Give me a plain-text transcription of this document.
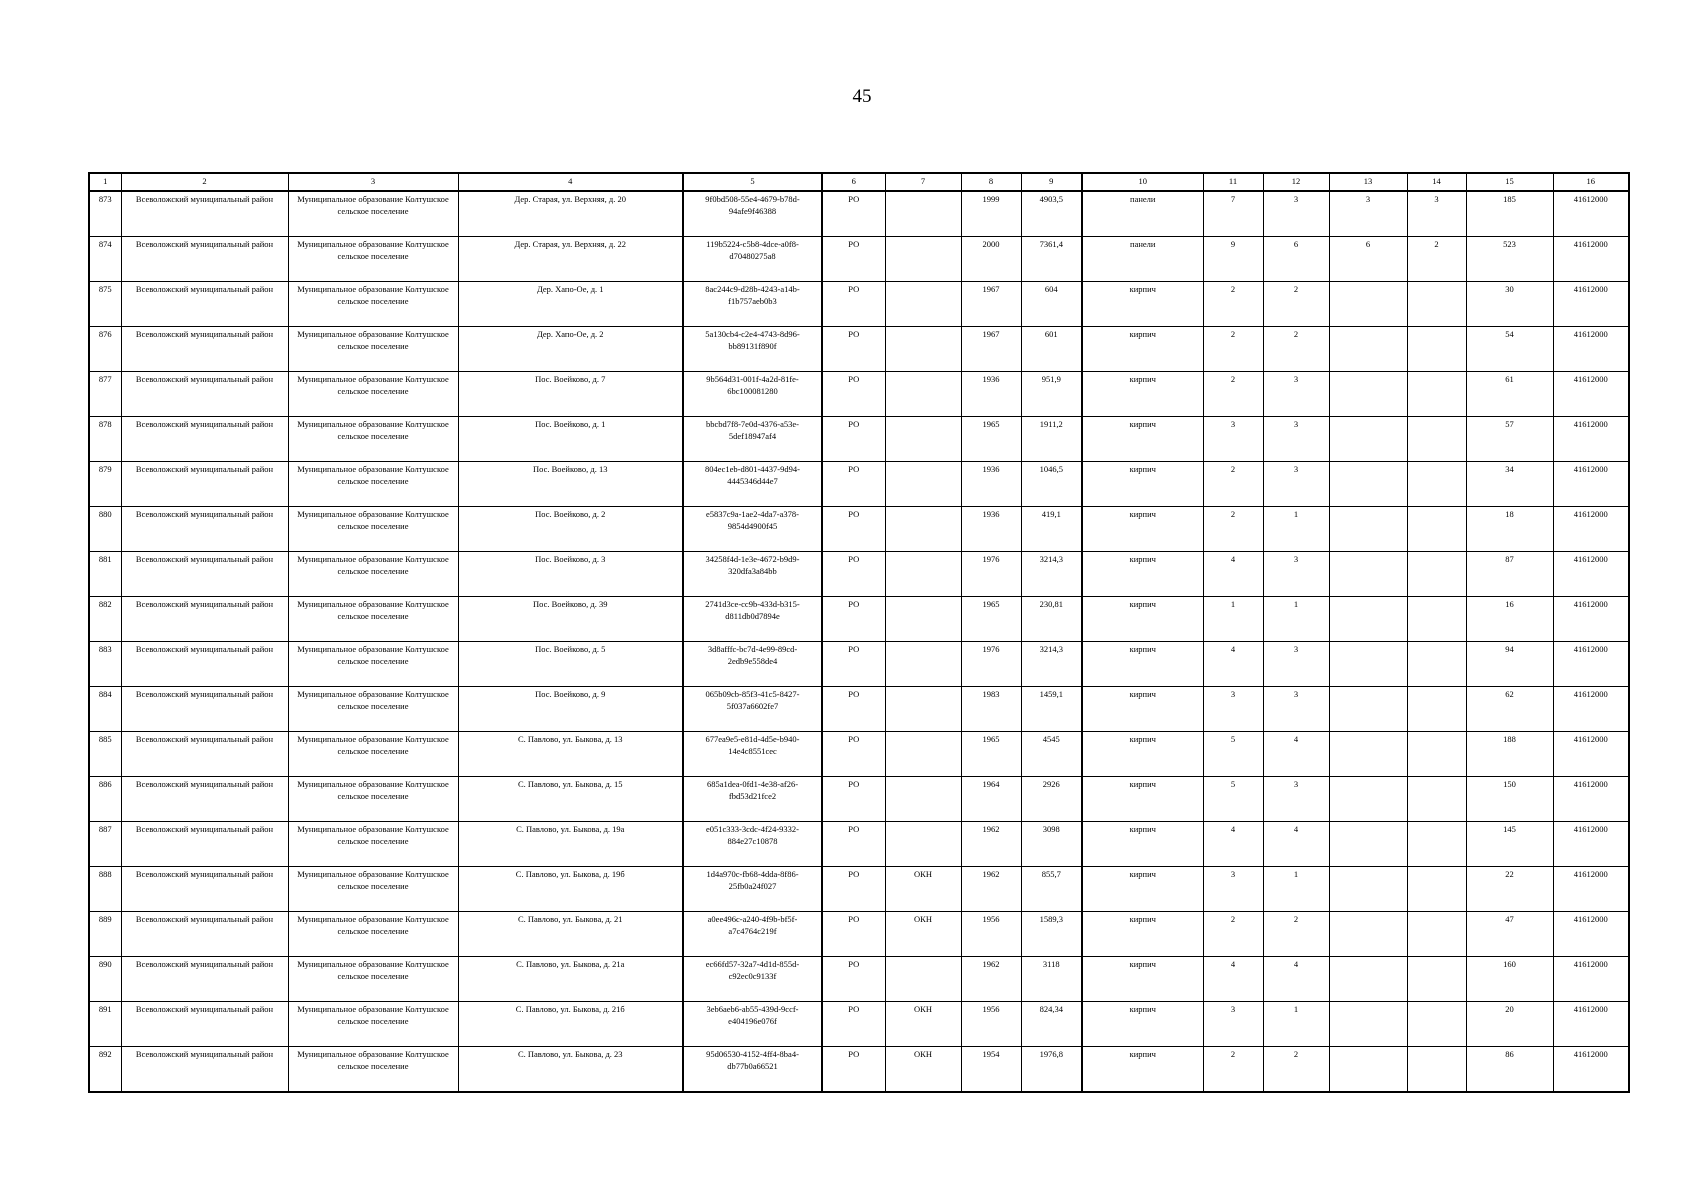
45
1	2	3	4	5	6	7	8	9	10	11	12	13	14	15	16
873	Всеволожский муниципальный район	Муниципальное образование Колтушское сельское поселение	Дер. Старая, ул. Верхняя, д. 20	9f0bd508-55e4-4679-b78d-94afe9f46388	РО		1999	4903,5	панели	7	3	3	3	185	41612000
874	Всеволожский муниципальный район	Муниципальное образование Колтушское сельское поселение	Дер. Старая, ул. Верхняя, д. 22	119b5224-c5b8-4dce-a0f8-d70480275a8	РО		2000	7361,4	панели	9	6	6	2	523	41612000
875	Всеволожский муниципальный район	Муниципальное образование Колтушское сельское поселение	Дер. Хапо-Ое, д. 1	8ac244c9-d28b-4243-a14b-f1b757aeb0b3	РО		1967	604	кирпич	2	2			30	41612000
876	Всеволожский муниципальный район	Муниципальное образование Колтушское сельское поселение	Дер. Хапо-Ое, д. 2	5a130cb4-c2e4-4743-8d96-bb89131f890f	РО		1967	601	кирпич	2	2			54	41612000
877	Всеволожский муниципальный район	Муниципальное образование Колтушское сельское поселение	Пос. Воейково, д. 7	9b564d31-001f-4a2d-81fe-6bc100081280	РО		1936	951,9	кирпич	2	3			61	41612000
878	Всеволожский муниципальный район	Муниципальное образование Колтушское сельское поселение	Пос. Воейково, д. 1	bbcbd7f8-7e0d-4376-a53e-5def18947af4	РО		1965	1911,2	кирпич	3	3			57	41612000
879	Всеволожский муниципальный район	Муниципальное образование Колтушское сельское поселение	Пос. Воейково, д. 13	804ec1eb-d801-4437-9d94-4445346d44e7	РО		1936	1046,5	кирпич	2	3			34	41612000
880	Всеволожский муниципальный район	Муниципальное образование Колтушское сельское поселение	Пос. Воейково, д. 2	e5837c9a-1ae2-4da7-a378-9854d4900f45	РО		1936	419,1	кирпич	2	1			18	41612000
881	Всеволожский муниципальный район	Муниципальное образование Колтушское сельское поселение	Пос. Воейково, д. 3	34258f4d-1e3e-4672-b9d9-320dfa3a84bb	РО		1976	3214,3	кирпич	4	3			87	41612000
882	Всеволожский муниципальный район	Муниципальное образование Колтушское сельское поселение	Пос. Воейково, д. 39	2741d3ce-cc9b-433d-b315-d811db0d7894e	РО		1965	230,81	кирпич	1	1			16	41612000
883	Всеволожский муниципальный район	Муниципальное образование Колтушское сельское поселение	Пос. Воейково, д. 5	3d8afffc-bc7d-4e99-89cd-2edb9e558de4	РО		1976	3214,3	кирпич	4	3			94	41612000
884	Всеволожский муниципальный район	Муниципальное образование Колтушское сельское поселение	Пос. Воейково, д. 9	065b09cb-85f3-41c5-8427-5f037a6602fe7	РО		1983	1459,1	кирпич	3	3			62	41612000
885	Всеволожский муниципальный район	Муниципальное образование Колтушское сельское поселение	С. Павлово, ул. Быкова, д. 13	677ea9e5-e81d-4d5e-b940-14e4c8551cec	РО		1965	4545	кирпич	5	4			188	41612000
886	Всеволожский муниципальный район	Муниципальное образование Колтушское сельское поселение	С. Павлово, ул. Быкова, д. 15	685a1dea-0fd1-4e38-af26-fbd53d21fce2	РО		1964	2926	кирпич	5	3			150	41612000
887	Всеволожский муниципальный район	Муниципальное образование Колтушское сельское поселение	С. Павлово, ул. Быкова, д. 19а	e051c333-3cdc-4f24-9332-884e27c10878	РО		1962	3098	кирпич	4	4			145	41612000
888	Всеволожский муниципальный район	Муниципальное образование Колтушское сельское поселение	С. Павлово, ул. Быкова, д. 19б	1d4a970c-fb68-4dda-8f86-25fb0a24f027	РО	ОКН	1962	855,7	кирпич	3	1			22	41612000
889	Всеволожский муниципальный район	Муниципальное образование Колтушское сельское поселение	С. Павлово, ул. Быкова, д. 21	a0ee496c-a240-4f9b-bf5f-a7c4764c219f	РО	ОКН	1956	1589,3	кирпич	2	2			47	41612000
890	Всеволожский муниципальный район	Муниципальное образование Колтушское сельское поселение	С. Павлово, ул. Быкова, д. 21а	ec66fd57-32a7-4d1d-855d-c92ec0c9133f	РО		1962	3118	кирпич	4	4			160	41612000
891	Всеволожский муниципальный район	Муниципальное образование Колтушское сельское поселение	С. Павлово, ул. Быкова, д. 21б	3eb6aeb6-ab55-439d-9ccf-e404196e076f	РО	ОКН	1956	824,34	кирпич	3	1			20	41612000
892	Всеволожский муниципальный район	Муниципальное образование Колтушское сельское поселение	С. Павлово, ул. Быкова, д. 23	95d06530-4152-4ff4-8ba4-db77b0a66521	РО	ОКН	1954	1976,8	кирпич	2	2			86	41612000
